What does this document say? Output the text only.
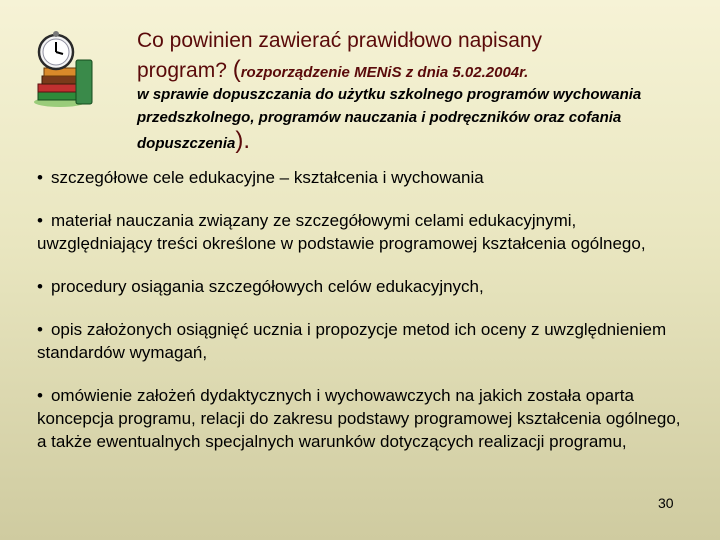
Co powinien zawierać prawidłowo napisany
program? (rozporządzenie MENiS z dnia 5.02.2004r.
w sprawie dopuszczania do użytku szkolnego programów wychowania przedszkolnego, programów nauczania i podręczników oraz cofania dopuszczenia).
• szczegółowe cele edukacyjne – kształcenia i wychowania
• materiał nauczania związany ze szczegółowymi celami edukacyjnymi, uwzględniający treści określone w podstawie programowej kształcenia ogólnego,
• procedury osiągania szczegółowych celów edukacyjnych,
• opis założonych osiągnięć ucznia i propozycje metod ich oceny z uwzględnieniem standardów wymagań,
• omówienie założeń dydaktycznych i wychowawczych na jakich została oparta koncepcja programu, relacji do zakresu podstawy programowej kształcenia ogólnego, a także ewentualnych specjalnych warunków dotyczących realizacji programu,
30
